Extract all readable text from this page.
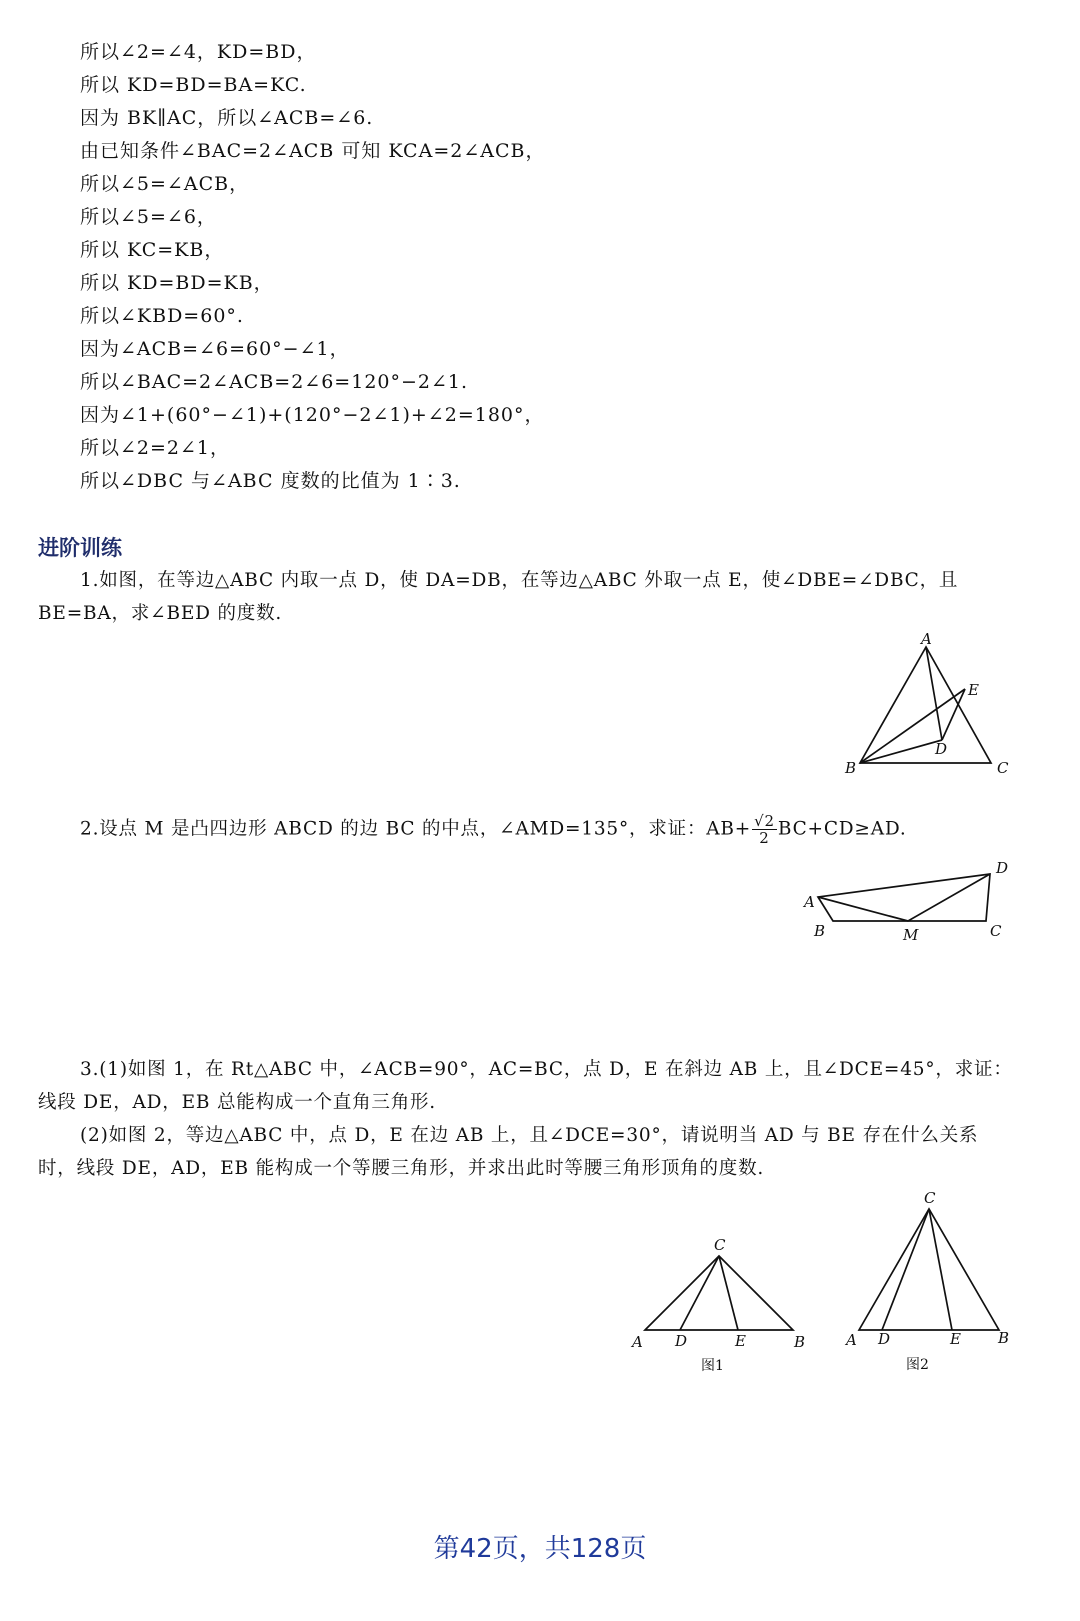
所以∠2=∠4，KD=BD，
所以 KD=BD=BA=KC.
因为 BK∥AC，所以∠ACB=∠6.
由已知条件∠BAC=2∠ACB 可知 KCA=2∠ACB，
所以∠5=∠ACB，
所以∠5=∠6，
所以 KC=KB，
所以 KD=BD=KB，
所以∠KBD=60°.
因为∠ACB=∠6=60°−∠1，
所以∠BAC=2∠ACB=2∠6=120°−2∠1.
因为∠1+(60°−∠1)+(120°−2∠1)+∠2=180°，
所以∠2=2∠1，
所以∠DBC 与∠ABC 度数的比值为 1∶3.
进阶训练
1.如图，在等边△ABC 内取一点 D，使 DA=DB，在等边△ABC 外取一点 E，使∠DBE=∠DBC，且
BE=BA，求∠BED 的度数.
A
B	C
D
E
2.设点 M 是凸四边形 ABCD 的边 BC 的中点，∠AMD=135°，求证：$AB+ \frac{√2}{2} BC+CD\ge AD$.
A
B	M	C
D
3.(1)如图 1，在 Rt△ABC 中，∠ACB=90°，AC=BC，点 D，E 在斜边 AB 上，且∠DCE=45°，求证：
线段 DE，AD，EB 总能构成一个直角三角形.
(2)如图 2，等边△ABC 中，点 D，E 在边 AB 上，且∠DCE=30°，请说明当 AD 与 BE 存在什么关系
时，线段 DE，AD，EB 能构成一个等腰三角形，并求出此时等腰三角形顶角的度数.
C
A D	E	B
图1
C
A D	E B
图2
第42页，共128页
